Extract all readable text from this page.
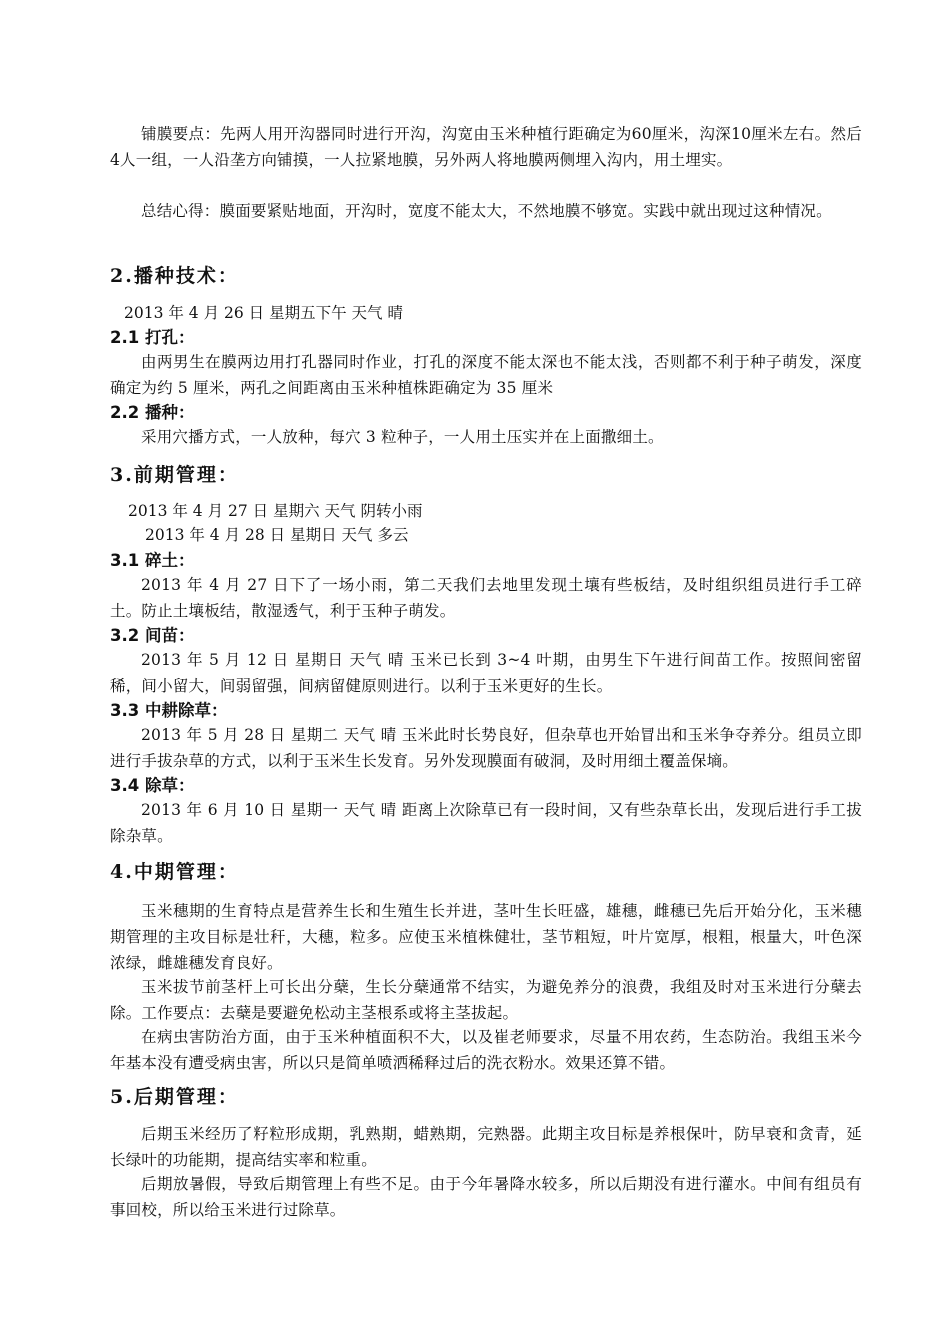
铺膜要点：先两人用开沟器同时进行开沟，沟宽由玉米种植行距确定为60厘米，沟深10厘米左右。然后4人一组，一人沿垄方向铺摸，一人拉紧地膜，另外两人将地膜两侧埋入沟内，用土埋实。

总结心得：膜面要紧贴地面，开沟时，宽度不能太大，不然地膜不够宽。实践中就出现过这种情况。

2.播种技术：

2013 年 4 月 26 日 星期五下午 天气 晴

2.1 打孔：

由两男生在膜两边用打孔器同时作业，打孔的深度不能太深也不能太浅，否则都不利于种子萌发，深度确定为约 5 厘米，两孔之间距离由玉米种植株距确定为 35 厘米

2.2 播种：

采用穴播方式，一人放种，每穴 3 粒种子，一人用土压实并在上面撒细土。

3.前期管理：

2013 年 4 月 27 日 星期六 天气 阴转小雨

2013 年 4 月 28 日 星期日 天气 多云

3.1 碎土：

2013 年 4 月 27 日下了一场小雨，第二天我们去地里发现土壤有些板结，及时组织组员进行手工碎土。防止土壤板结，散湿透气，利于玉种子萌发。

3.2 间苗：

2013 年 5 月 12 日 星期日 天气 晴 玉米已长到 3~4 叶期，由男生下午进行间苗工作。按照间密留稀，间小留大，间弱留强，间病留健原则进行。以利于玉米更好的生长。

3.3 中耕除草：

2013 年 5 月 28 日 星期二 天气 晴 玉米此时长势良好，但杂草也开始冒出和玉米争夺养分。组员立即进行手拔杂草的方式，以利于玉米生长发育。另外发现膜面有破洞，及时用细土覆盖保墒。

3.4 除草：

2013 年 6 月 10 日 星期一 天气 晴 距离上次除草已有一段时间，又有些杂草长出，发现后进行手工拔除杂草。

4.中期管理：

玉米穗期的生育特点是营养生长和生殖生长并进，茎叶生长旺盛，雄穗，雌穗已先后开始分化，玉米穗期管理的主攻目标是壮秆，大穗，粒多。应使玉米植株健壮，茎节粗短，叶片宽厚，根粗，根量大，叶色深浓绿，雌雄穗发育良好。

玉米拔节前茎杆上可长出分蘖，生长分蘖通常不结实，为避免养分的浪费，我组及时对玉米进行分蘖去除。工作要点：去蘖是要避免松动主茎根系或将主茎拔起。

在病虫害防治方面，由于玉米种植面积不大，以及崔老师要求，尽量不用农药，生态防治。我组玉米今年基本没有遭受病虫害，所以只是简单喷洒稀释过后的洗衣粉水。效果还算不错。

5.后期管理：

后期玉米经历了籽粒形成期，乳熟期，蜡熟期，完熟器。此期主攻目标是养根保叶，防早衰和贪青，延长绿叶的功能期，提高结实率和粒重。

后期放暑假，导致后期管理上有些不足。由于今年暑降水较多，所以后期没有进行灌水。中间有组员有事回校，所以给玉米进行过除草。
